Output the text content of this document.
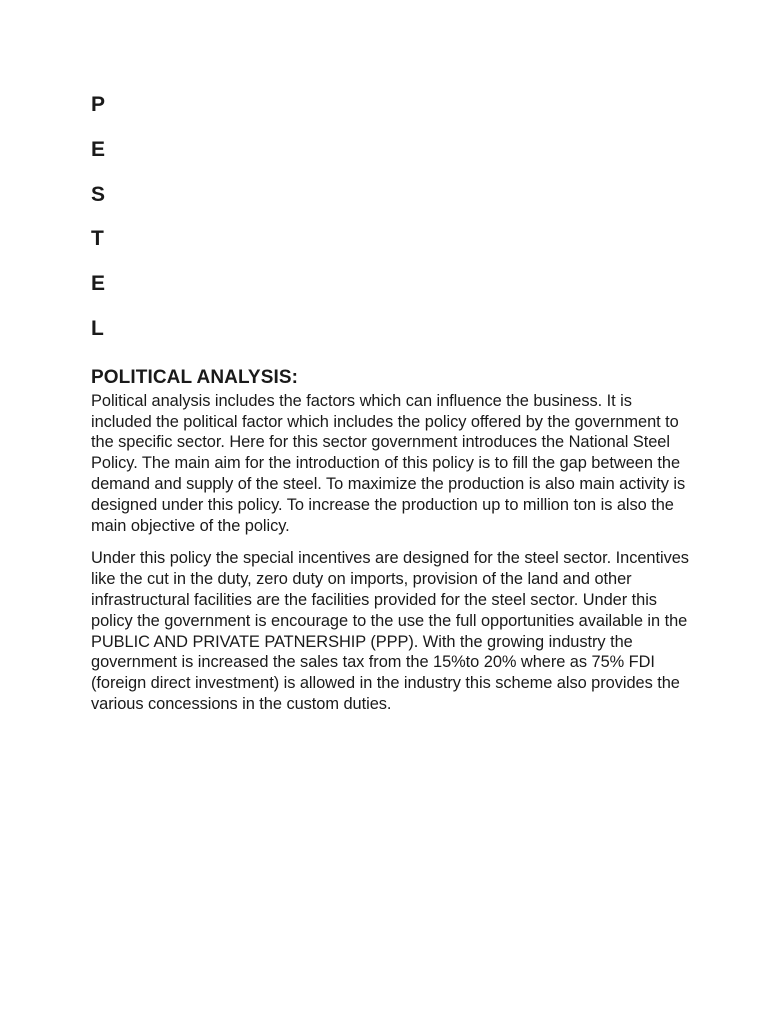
P
E
S
T
E
L
POLITICAL ANALYSIS:

Political analysis includes the factors which can influence the business. It is included the political factor which includes the policy offered by the government to the specific sector. Here for this sector government introduces the National Steel Policy. The main aim for the introduction of this policy is to fill the gap between the demand and supply of the steel. To maximize the production is also main activity is designed under this policy. To increase the production up to million ton is also the main objective of the policy.

Under this policy the special incentives are designed for the steel sector. Incentives like the cut in the duty, zero duty on imports, provision of the land and other infrastructural facilities are the facilities provided for the steel sector. Under this policy the government is encourage to the use the full opportunities available in the PUBLIC AND PRIVATE PATNERSHIP (PPP). With the growing industry the government is increased the sales tax from the 15%to 20% where as 75% FDI (foreign direct investment) is allowed in the industry this scheme also provides the various concessions in the custom duties.
